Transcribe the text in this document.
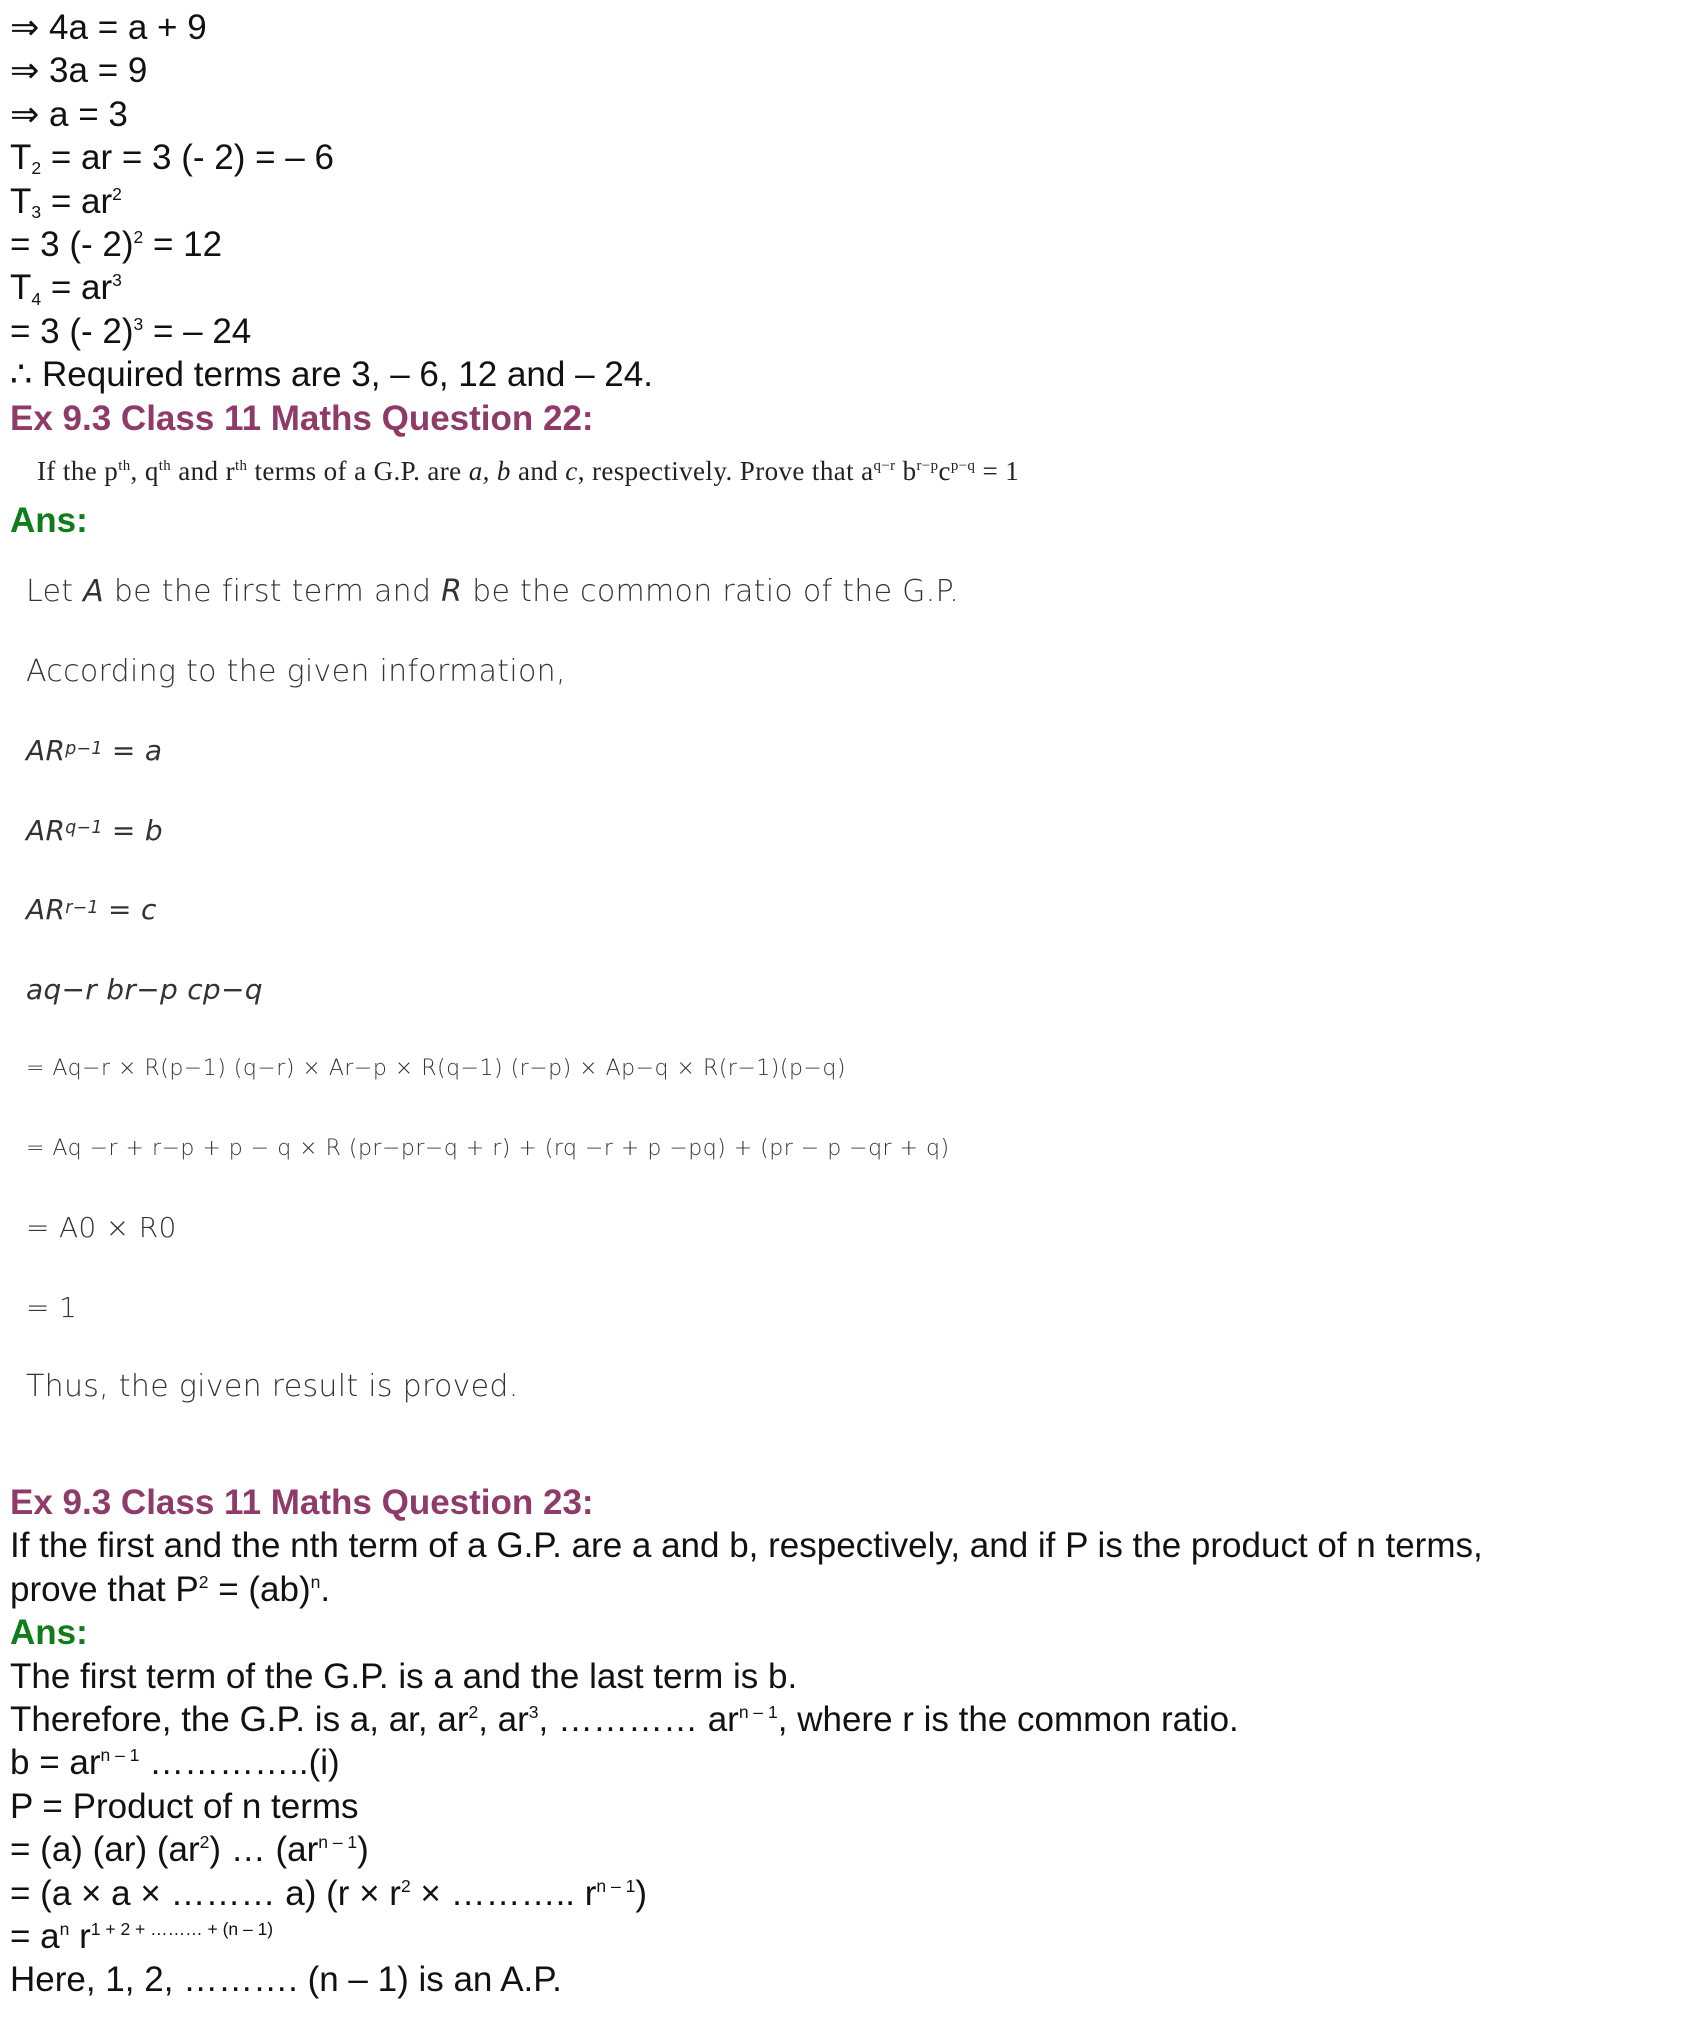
⇒ 4a = a + 9
⇒ 3a = 9
⇒ a = 3
$T_2$ = ar = 3 (- 2) = – 6
$T_3 = ar^2$
= 3 (- 2)$^2$ = 12
$T_4 = ar^3$
= 3 (- 2)$^3$ = – 24
∴ Required terms are 3, – 6, 12 and – 24.
Ex 9.3 Class 11 Maths Question 22:
If the $p^{th}$, $q^{th}$ and $r^{th}$ terms of a G.P. are a, b and c, respectively. Prove that $a^{q-r}$ $b^{r-p}c^{p-q} = 1$
Ans:
Let A be the first term and R be the common ratio of the G.P.
According to the given information,
$AR^{p-1} = a$
$AR^{q-1} = b$
$AR^{r-1} = c$
aq−r br−p cp−q
= Aq−r × R(p−1) (q−r) × Ar−p × R(q−1) (r−p) × Ap−q × R(r−1)(p−q)
= Aq −r + r−p + p − q × R (pr−pr−q + r) + (rq −r + p −pq) + (pr − p −qr + q)
= A0 × R0
= 1
Thus, the given result is proved.
Ex 9.3 Class 11 Maths Question 23:
If the first and the nth term of a G.P. are a and b, respectively, and if P is the product of n terms,
prove that $P^2 = (ab)^n$.
Ans:
The first term of the G.P. is a and the last term is b.
Therefore, the G.P. is a, ar, $ar^2$, $ar^3$, ………… $ar^{n - 1}$, where r is the common ratio.
$b = ar^{n - 1}$ …………..(i)
P = Product of n terms
= (a) (ar) $(ar^2)$ … $(ar^{n - 1})$
= (a × a × ……… a) ($r \times r^2$ × ……….. $r^{n - 1}$)
= $a^n$ $r^{1 + 2 + \dots\dots\dots + (n - 1)}$
Here, 1, 2, ………. (n – 1) is an A.P.
